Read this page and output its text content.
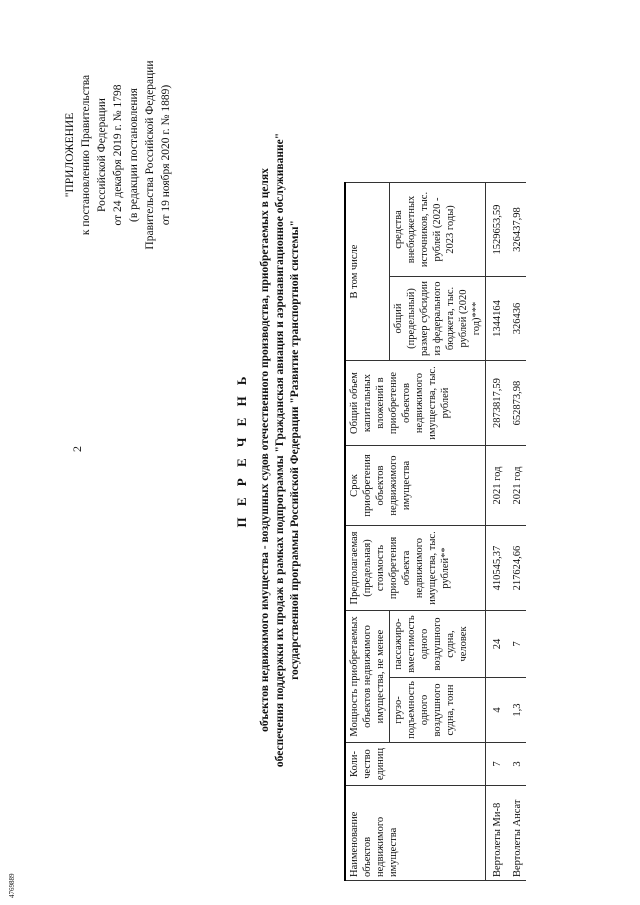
2
4769889
"ПРИЛОЖЕНИЕ к постановлению Правительства Российской Федерации от 24 декабря 2019 г. № 1798 (в редакции постановления Правительства Российской Федерации от 19 ноября 2020 г. № 1889)
П Е Р Е Ч Е Н Ь объектов недвижимого имущества - воздушных судов отечественного производства, приобретаемых в целях обеспечения поддержки их продаж в рамках подпрограммы "Гражданская авиация и аэронавигационное обслуживание" государственной программы Российской Федерации "Развитие транспортной системы"
Наименование объектов недвижимого имущества	Коли- чество единиц	Мощность приобретаемых объектов недвижимого имущества, не менее		Предполагаемая (предельная) стоимость приобретения объекта недвижимого имущества, тыс. рублей**	Срок приобретения объектов недвижимого имущества	Общий объем капитальных вложений в приобретение объектов недвижимого имущества, тыс. рублей	В том числе	
		грузо- подъемность одного воздушного судна, тонн	пассажиро- вместимость одного воздушного судна, человек				общий (предельный) размер субсидии из федерального бюджета, тыс. рублей (2020 год)***	средства внебюджетных источников, тыс. рублей (2020 - 2023 годы)
Вертолеты Ми-8	7	4	24	410545,37	2021 год	2873817,59	1344164	1529653,59
Вертолеты Ансат	3	1,3	7	217624,66	2021 год	652873,98	326436	326437,98
